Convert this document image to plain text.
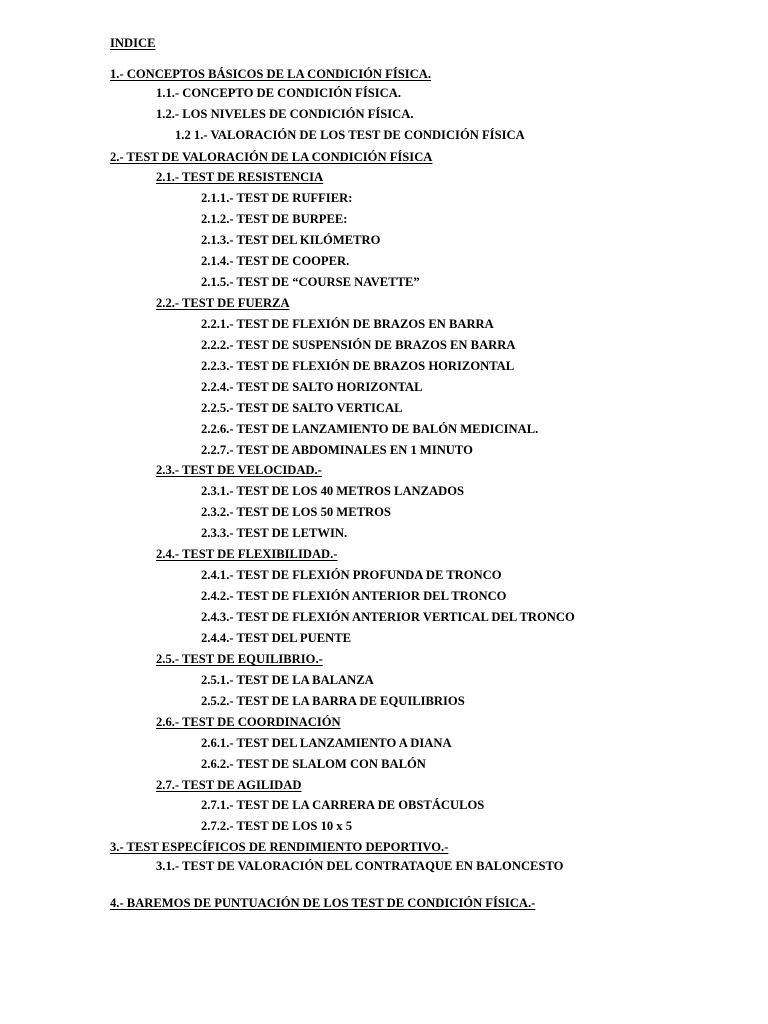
INDICE
1.- CONCEPTOS BÁSICOS DE LA CONDICIÓN FÍSICA.
1.1.- CONCEPTO DE CONDICIÓN FÍSICA.
1.2.- LOS NIVELES DE CONDICIÓN FÍSICA.
1.2 1.- VALORACIÓN DE LOS TEST DE CONDICIÓN FÍSICA
2.- TEST DE VALORACIÓN DE LA CONDICIÓN FÍSICA
2.1.- TEST DE RESISTENCIA
2.1.1.- TEST DE RUFFIER:
2.1.2.- TEST DE BURPEE:
2.1.3.- TEST DEL KILÓMETRO
2.1.4.- TEST DE COOPER.
2.1.5.- TEST DE “COURSE NAVETTE”
2.2.- TEST DE FUERZA
2.2.1.- TEST DE FLEXIÓN DE BRAZOS EN BARRA
2.2.2.- TEST DE SUSPENSIÓN DE BRAZOS EN BARRA
2.2.3.- TEST DE FLEXIÓN DE BRAZOS HORIZONTAL
2.2.4.- TEST DE SALTO HORIZONTAL
2.2.5.- TEST DE SALTO VERTICAL
2.2.6.- TEST DE LANZAMIENTO DE BALÓN MEDICINAL.
2.2.7.- TEST DE ABDOMINALES EN 1 MINUTO
2.3.- TEST DE VELOCIDAD.-
2.3.1.- TEST DE LOS 40 METROS LANZADOS
2.3.2.- TEST DE LOS 50 METROS
2.3.3.- TEST DE LETWIN.
2.4.- TEST DE FLEXIBILIDAD.-
2.4.1.- TEST DE FLEXIÓN PROFUNDA DE TRONCO
2.4.2.- TEST DE FLEXIÓN ANTERIOR DEL TRONCO
2.4.3.- TEST DE FLEXIÓN ANTERIOR VERTICAL DEL TRONCO
2.4.4.- TEST DEL PUENTE
2.5.- TEST DE EQUILIBRIO.-
2.5.1.- TEST DE LA BALANZA
2.5.2.- TEST DE LA BARRA DE EQUILIBRIOS
2.6.- TEST DE COORDINACIÓN
2.6.1.- TEST DEL LANZAMIENTO A DIANA
2.6.2.- TEST DE SLALOM CON BALÓN
2.7.- TEST DE AGILIDAD
2.7.1.- TEST DE LA CARRERA DE OBSTÁCULOS
2.7.2.- TEST DE LOS 10 x 5
3.- TEST ESPECÍFICOS DE RENDIMIENTO DEPORTIVO.-
3.1.- TEST DE VALORACIÓN DEL CONTRATAQUE EN BALONCESTO
4.- BAREMOS DE PUNTUACIÓN DE LOS TEST DE CONDICIÓN FÍSICA.-
